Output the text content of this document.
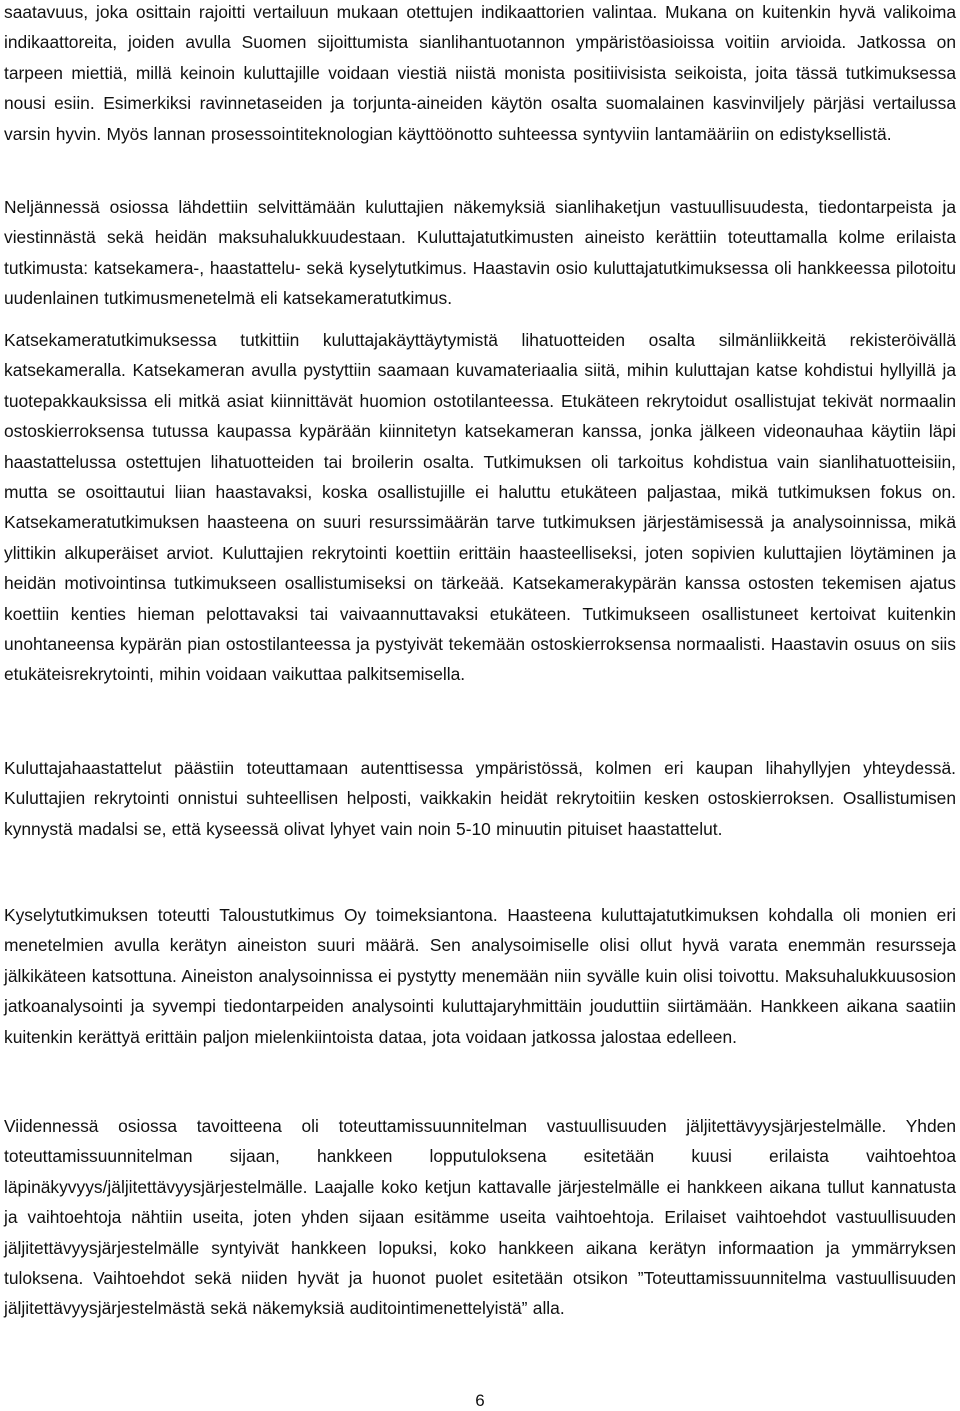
saatavuus, joka osittain rajoitti vertailuun mukaan otettujen indikaattorien valintaa. Mukana on kuitenkin hyvä valikoima indikaattoreita, joiden avulla Suomen sijoittumista sianlihantuotannon ympäristöasioissa voitiin arvioida. Jatkossa on tarpeen miettiä, millä keinoin kuluttajille voidaan viestiä niistä monista positiivisista seikoista, joita tässä tutkimuksessa nousi esiin. Esimerkiksi ravinnetaseiden ja torjunta-aineiden käytön osalta suomalainen kasvinviljely pärjäsi vertailussa varsin hyvin. Myös lannan prosessointiteknologian käyttöönotto suhteessa syntyviin lantamääriin on edistyksellistä.

Neljännessä osiossa lähdettiin selvittämään kuluttajien näkemyksiä sianlihaketjun vastuullisuudesta, tiedontarpeista ja viestinnästä sekä heidän maksuhalukkuudestaan. Kuluttajatutkimusten aineisto kerättiin toteuttamalla kolme erilaista tutkimusta: katsekamera-, haastattelu- sekä kyselytutkimus. Haastavin osio kuluttajatutkimuksessa oli hankkeessa pilotoitu uudenlainen tutkimusmenetelmä eli katsekameratutkimus.

Katsekameratutkimuksessa tutkittiin kuluttajakäyttäytymistä lihatuotteiden osalta silmänliikkeitä rekisteröivällä katsekameralla. Katsekameran avulla pystyttiin saamaan kuvamateriaalia siitä, mihin kuluttajan katse kohdistui hyllyillä ja tuotepakkauksissa eli mitkä asiat kiinnittävät huomion ostotilanteessa. Etukäteen rekrytoidut osallistujat tekivät normaalin ostoskierroksensa tutussa kaupassa kypärään kiinnitetyn katsekameran kanssa, jonka jälkeen videonauhaa käytiin läpi haastattelussa ostettujen lihatuotteiden tai broilerin osalta. Tutkimuksen oli tarkoitus kohdistua vain sianlihatuotteisiin, mutta se osoittautui liian haastavaksi, koska osallistujille ei haluttu etukäteen paljastaa, mikä tutkimuksen fokus on. Katsekameratutkimuksen haasteena on suuri resurssimäärän tarve tutkimuksen järjestämisessä ja analysoinnissa, mikä ylittikin alkuperäiset arviot. Kuluttajien rekrytointi koettiin erittäin haasteelliseksi, joten sopivien kuluttajien löytäminen ja heidän motivointinsa tutkimukseen osallistumiseksi on tärkeää. Katsekamerakypärän kanssa ostosten tekemisen ajatus koettiin kenties hieman pelottavaksi tai vaivaannuttavaksi etukäteen. Tutkimukseen osallistuneet kertoivat kuitenkin unohtaneensa kypärän pian ostostilanteessa ja pystyivät tekemään ostoskierroksensa normaalisti. Haastavin osuus on siis etukäteisrekrytointi, mihin voidaan vaikuttaa palkitsemisella.

Kuluttajahaastattelut päästiin toteuttamaan autenttisessa ympäristössä, kolmen eri kaupan lihahyllyjen yhteydessä. Kuluttajien rekrytointi onnistui suhteellisen helposti, vaikkakin heidät rekrytoitiin kesken ostoskierroksen. Osallistumisen kynnystä madalsi se, että kyseessä olivat lyhyet vain noin 5-10 minuutin pituiset haastattelut.

Kyselytutkimuksen toteutti Taloustutkimus Oy toimeksiantona. Haasteena kuluttajatutkimuksen kohdalla oli monien eri menetelmien avulla kerätyn aineiston suuri määrä. Sen analysoimiselle olisi ollut hyvä varata enemmän resursseja jälkikäteen katsottuna. Aineiston analysoinnissa ei pystytty menemään niin syvälle kuin olisi toivottu. Maksuhalukkuusosion jatkoanalysointi ja syvempi tiedontarpeiden analysointi kuluttajaryhmittäin jouduttiin siirtämään. Hankkeen aikana saatiin kuitenkin kerättyä erittäin paljon mielenkiintoista dataa, jota voidaan jatkossa jalostaa edelleen.

Viidennessä osiossa tavoitteena oli toteuttamissuunnitelman vastuullisuuden jäljitettävyysjärjestelmälle. Yhden toteuttamissuunnitelman sijaan, hankkeen lopputuloksena esitetään kuusi erilaista vaihtoehtoa läpinäkyvyys/jäljitettävyysjärjestelmälle. Laajalle koko ketjun kattavalle järjestelmälle ei hankkeen aikana tullut kannatusta ja vaihtoehtoja nähtiin useita, joten yhden sijaan esitämme useita vaihtoehtoja. Erilaiset vaihtoehdot vastuullisuuden jäljitettävyysjärjestelmälle syntyivät hankkeen lopuksi, koko hankkeen aikana kerätyn informaation ja ymmärryksen tuloksena. Vaihtoehdot sekä niiden hyvät ja huonot puolet esitetään otsikon ”Toteuttamissuunnitelma vastuullisuuden jäljitettävyysjärjestelmästä sekä näkemyksiä auditointimenettelyistä” alla.

6
